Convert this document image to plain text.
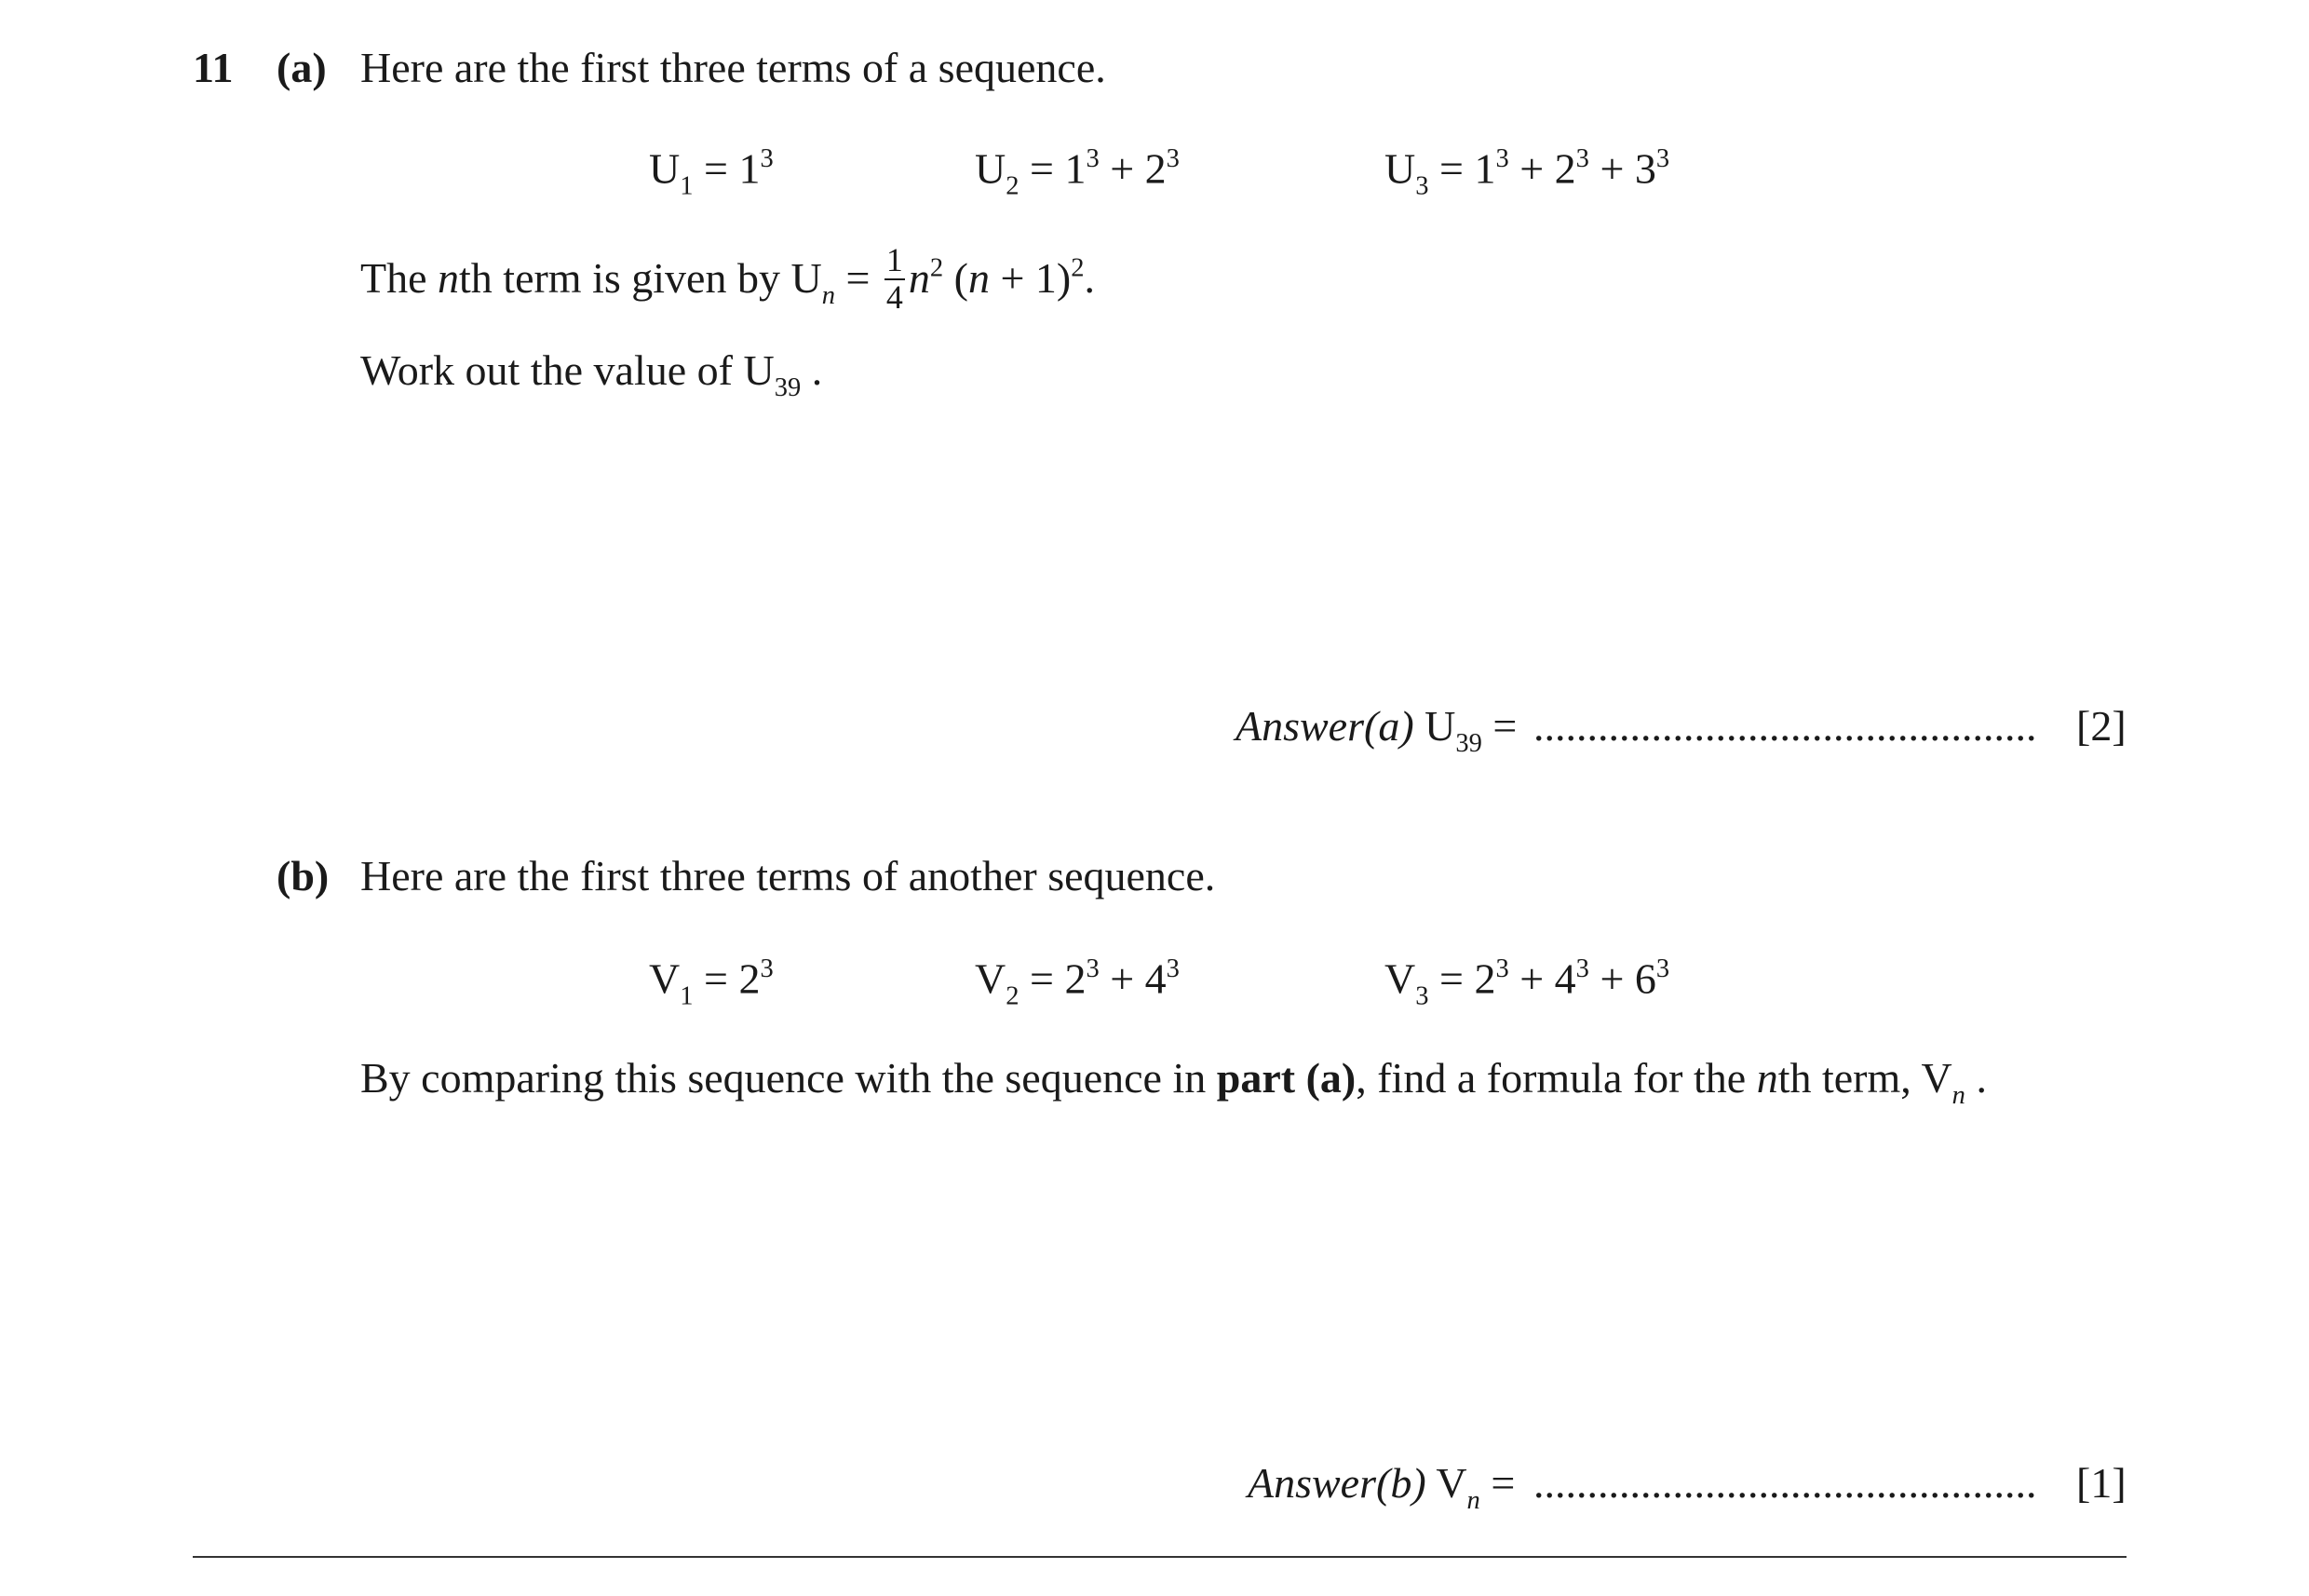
11 (a) Here are the first three terms of a sequence.
$U_1 = 1^3$	$U_2 = 1^3 + 2^3$	$U_3 = 1^3 + 2^3 + 3^3$
The nth term is given by $U_n = \frac{1}{4} n^2$ $(n + 1)^2$.
Work out the value of $U_{39}$ .
Answer(a) $U_{39}$ = ............................................... [2]
(b) Here are the first three terms of another sequence.
$V_1 = 2^3$	$V_2 = 2^3 + 4^3$	$V_3 = 2^3 + 4^3 + 6^3$
By comparing this sequence with the sequence in part (a), find a formula for the nth term, $V_n$ .
Answer(b) $V_n$ = ............................................... [1]
